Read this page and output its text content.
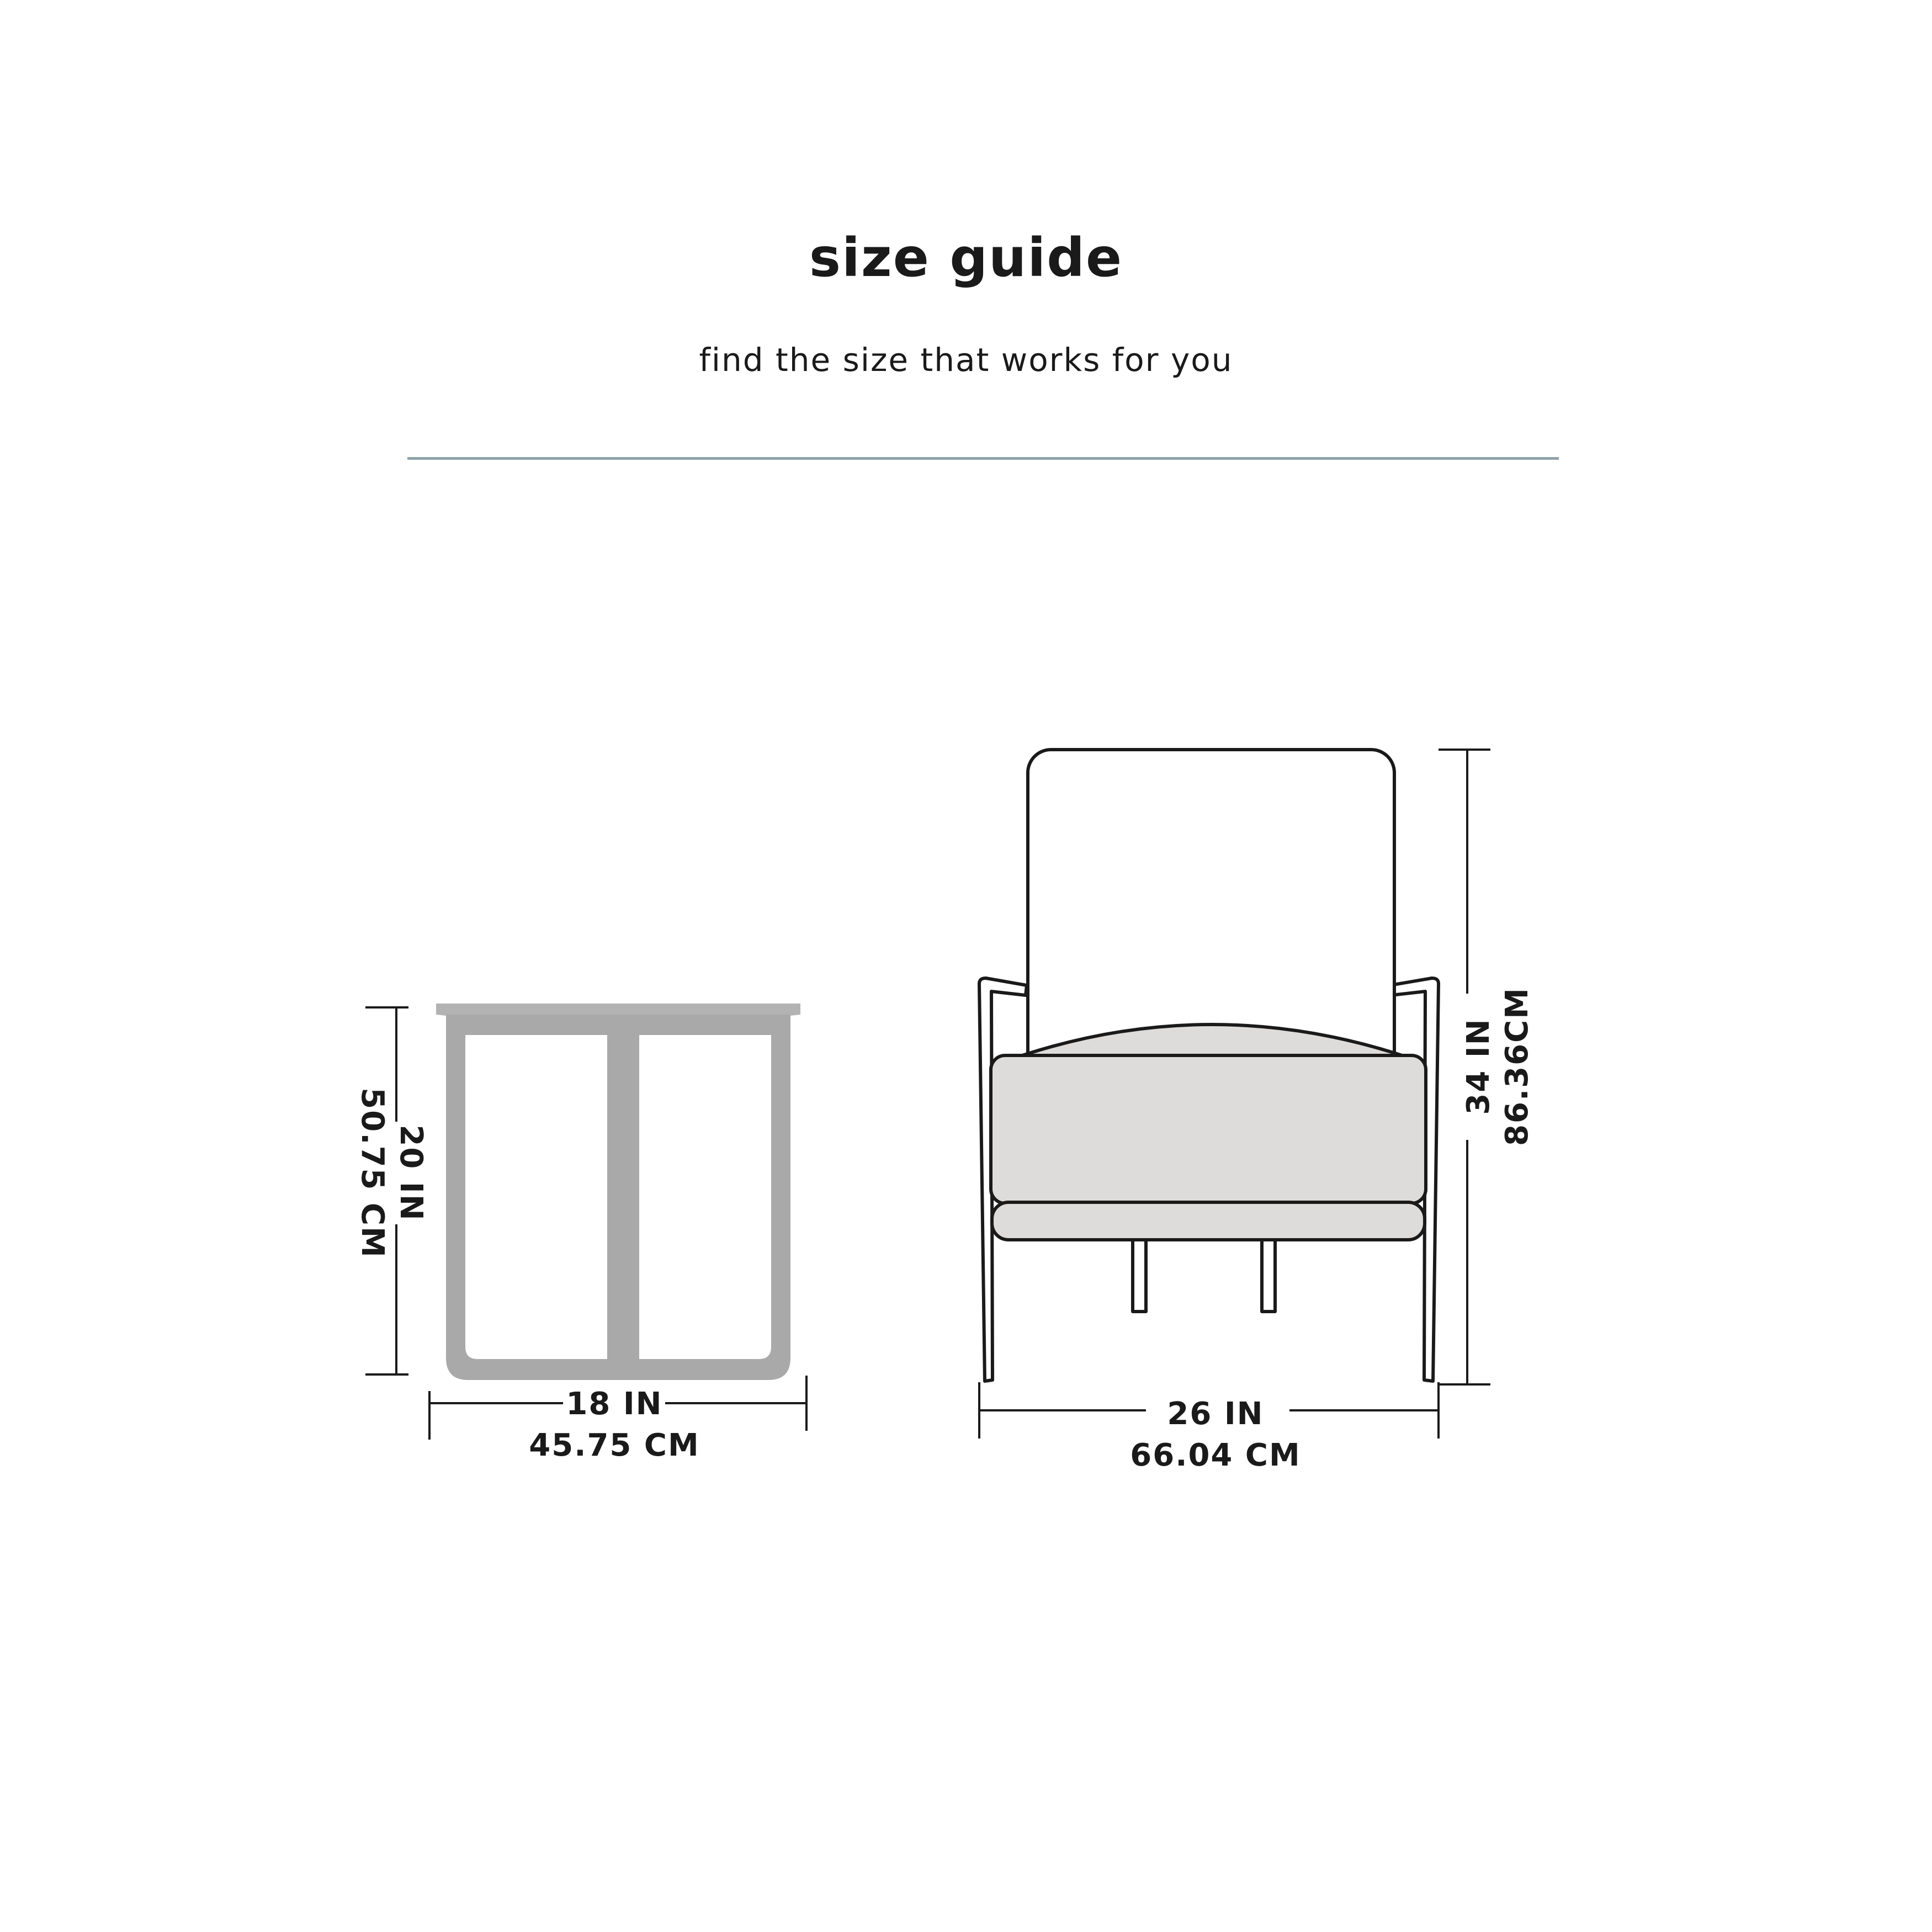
size guide

find the size that works for you

20 IN
50.75 CM
18 IN
45.75 CM
34 IN 86.36CM
26 IN
66.04 CM
